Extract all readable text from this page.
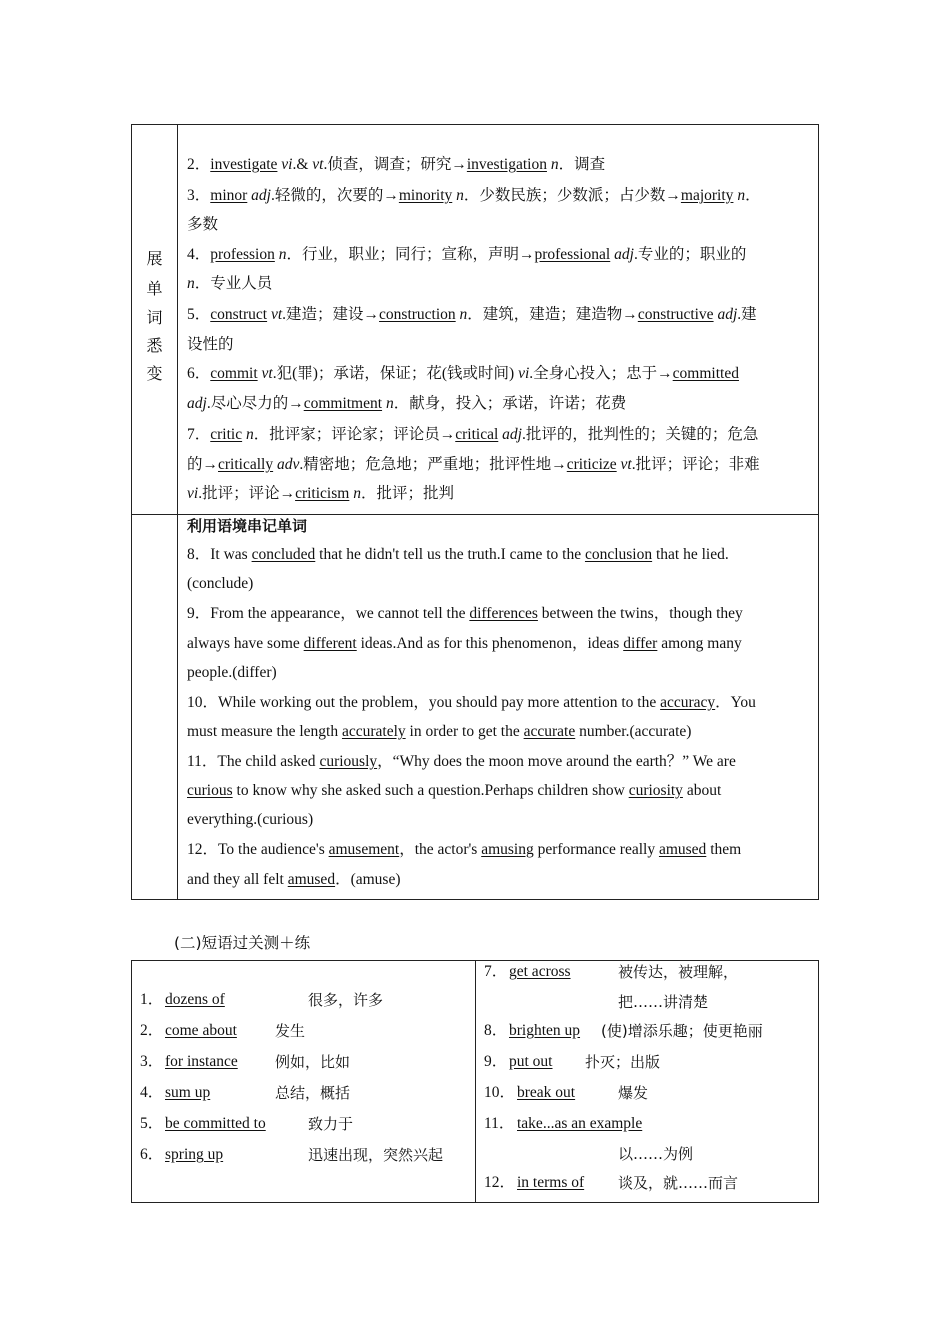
展
单
词
悉
变
2．investigate vi.& vt.侦查，调查；研究→investigation n．调查
3．minor adj.轻微的，次要的→minority n．少数民族；少数派；占少数→majority n．
多数
4．profession n．行业，职业；同行；宣称，声明→professional adj.专业的；职业的
n．专业人员
5．construct vt.建造；建设→construction n．建筑，建造；建造物→constructive adj.建
设性的
6．commit vt.犯(罪)；承诺，保证；花(钱或时间) vi.全身心投入；忠于→committed
adj.尽心尽力的→commitment n．献身，投入；承诺，许诺；花费
7．critic n．批评家；评论家；评论员→critical adj.批评的，批判性的；关键的；危急
的→critically adv.精密地；危急地；严重地；批评性地→criticize vt.批评；评论；非难
vi.批评；评论→criticism n．批评；批判
利用语境串记单词
8．It was concluded that he didn't tell us the truth.I came to the conclusion that he lied.
(conclude)
9．From the appearance，we cannot tell the differences between the twins，though they
always have some different ideas.And as for this phenomenon，ideas differ among many
people.(differ)
10．While working out the problem，you should pay more attention to the accuracy．You
must measure the length accurately in order to get the accurate number.(accurate)
11．The child asked curiously，“Why does the moon move around the earth？” We are
curious to know why she asked such a question.Perhaps children show curiosity about
everything.(curious)
12．To the audience's amusement，the actor's amusing performance really amused them
and they all felt amused．(amuse)
(二)短语过关测＋练
1． dozens of	很多，许多
2． come about	发生
3． for instance 例如，比如
4． sum up	总结，概括
5． be committed to	致力于
6． spring up	迅速出现，突然兴起
7． get across	被传达，被理解，
把……讲清楚
8． brighten up (使)增添乐趣；使更艳丽
9． put out 扑灭；出版
10． break out	爆发
11． take...as an example
以……为例
12． in terms of 谈及，就……而言
